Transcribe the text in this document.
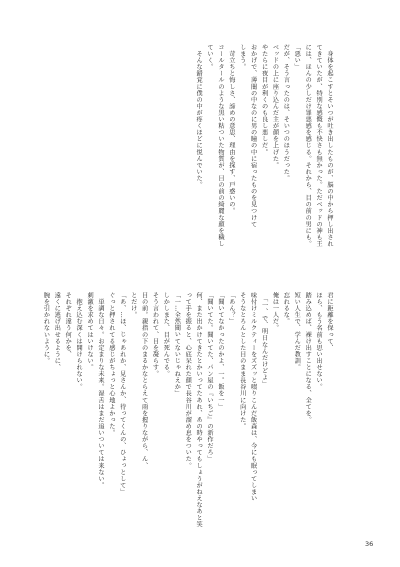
　身体を起こすとそいつが吐き出したものが、脳の中から押し出され
てきていたが、特別な感慨も不快さも無かった。ただベッドの神も王
には、ほんの少しだけ罪悪感を感じる。それから、目の前の男にも。
「悪い」
だが、そう言ったのは、そいつのほうだった。
ベッドの上に座り込んだ主が顔を上げた。
やたらに夜目が利くのも良し悪しだ。
おかげで、薄闇の中なのに男の瞳の中に宿ったものを見つけて
しまう。
　苛立ちと悔しさ、諦めの意思、理由を探す、戸惑いの。
コールタールのような黒い粘ついた物質が、目の前の綺麗な顔を穢し
ていく。
　そんな錯覚に僕の中が疼くほどに悦んでいた。
君に距離を保って、
ほら、もう名前も思い出せない。
踏み込めば、裸け出すことになる、全てを。
短い人生で、学んだ教訓。
忘れるな。
俺は一人だ。
　「一、で、明日なんだけどよ」
味付けミルクティーをズズッと啜りこんだ飯森は、今にも眠ってしまい
そうなとろんとした目のまま長谷川に向けた。
「あん？」
「聞いてなかったのかよ、一。飯を一」
「聞いてた。聞いてた、パン屋の『いちご』の新作だろ」
何、また出かけてきたとかいってたあれ、あの時やってもしょうがねえなあと笑
って手を振ると、心底呆れた顔で長谷川が溜め息をついた。
「一…全然聞いてないじゃねえか」
しかしまた、目が死んでる。
そう言われて、目を凝らす。
目の前。親指の下のまるかなとらえて雨を握りながら、ん、
とだけ。
「あ、…ほ、じゃあれか、見さんか、待ってくんの、ひょっとして」
ぐっと押されてる感じがちょっと心地よかった。
　単調な日々。お定まりな未来。湿舌はまだ追いついては来ない。
刺激を求めてはいけない。
　抱え込む深くは開けられない。
それぞれ違う何かを、
遠くに逃げ出せるように、
腕を引かれないように。
36
